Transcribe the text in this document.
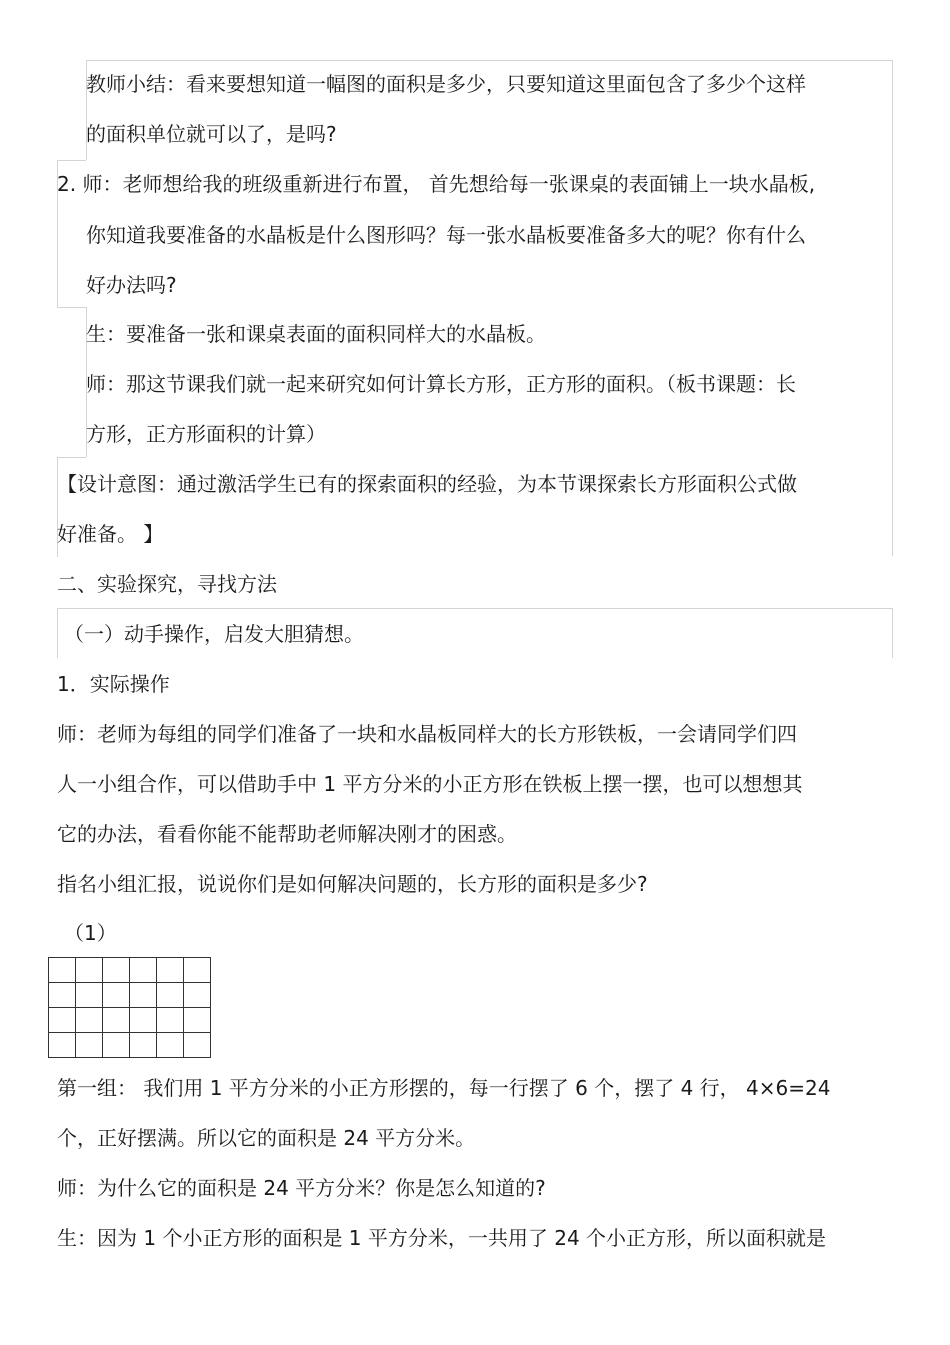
教师小结：看来要想知道一幅图的面积是多少，只要知道这里面包含了多少个这样
的面积单位就可以了，是吗?
2. 师：老师想给我的班级重新进行布置， 首先想给每一张课桌的表面铺上一块水晶板,
你知道我要准备的水晶板是什么图形吗？每一张水晶板要准备多大的呢？你有什么
好办法吗?
生：要准备一张和课桌表面的面积同样大的水晶板。
师：那这节课我们就一起来研究如何计算长方形，正方形的面积。（板书课题：长
方形，正方形面积的计算）
【设计意图：通过激活学生已有的探索面积的经验，为本节课探索长方形面积公式做
好准备。 】
二、实验探究，寻找方法
（一）动手操作，启发大胆猜想。
1．实际操作
师：老师为每组的同学们准备了一块和水晶板同样大的长方形铁板，一会请同学们四
人一小组合作，可以借助手中 1 平方分米的小正方形在铁板上摆一摆，也可以想想其
它的办法，看看你能不能帮助老师解决刚才的困惑。
指名小组汇报，说说你们是如何解决问题的，长方形的面积是多少?
（1）
第一组： 我们用 1 平方分米的小正方形摆的，每一行摆了 6 个，摆了 4 行， 4×6=24
个，正好摆满。所以它的面积是 24 平方分米。
师：为什么它的面积是 24 平方分米？你是怎么知道的?
生：因为 1 个小正方形的面积是 1 平方分米，一共用了 24 个小正方形，所以面积就是
